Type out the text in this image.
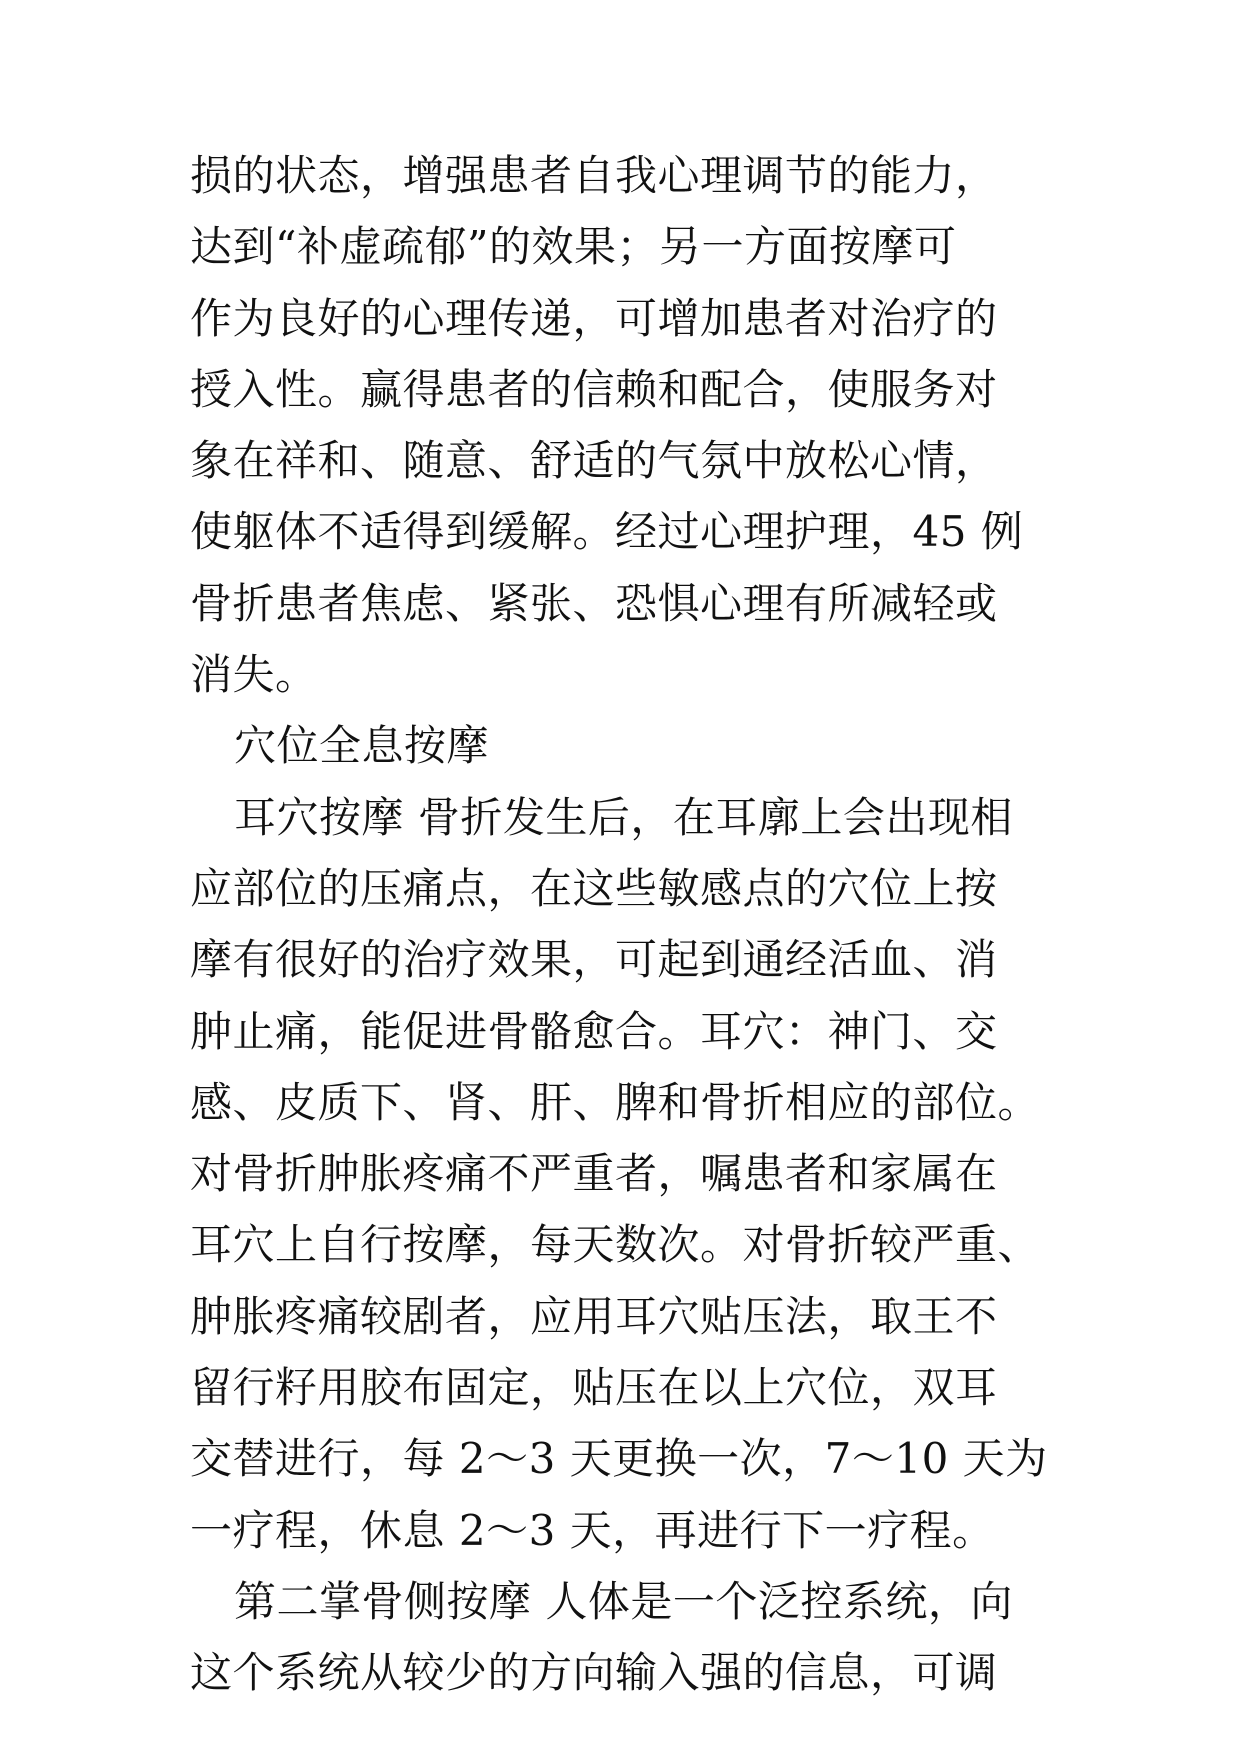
损的状态，增强患者自我心理调节的能力，
达到“补虚疏郁”的效果；另一方面按摩可
作为良好的心理传递，可增加患者对治疗的
授入性。赢得患者的信赖和配合，使服务对
象在祥和、随意、舒适的气氛中放松心情，
使躯体不适得到缓解。经过心理护理，45 例
骨折患者焦虑、紧张、恐惧心理有所减轻或
消失。
穴位全息按摩
耳穴按摩 骨折发生后，在耳廓上会出现相
应部位的压痛点，在这些敏感点的穴位上按
摩有很好的治疗效果，可起到通经活血、消
肿止痛，能促进骨骼愈合。耳穴：神门、交
感、皮质下、肾、肝、脾和骨折相应的部位。
对骨折肿胀疼痛不严重者，嘱患者和家属在
耳穴上自行按摩，每天数次。对骨折较严重、
肿胀疼痛较剧者，应用耳穴贴压法，取王不
留行籽用胶布固定，贴压在以上穴位，双耳
交替进行，每 2～3 天更换一次，7～10 天为
一疗程，休息 2～3 天，再进行下一疗程。
第二掌骨侧按摩 人体是一个泛控系统，向
这个系统从较少的方向输入强的信息，可调
